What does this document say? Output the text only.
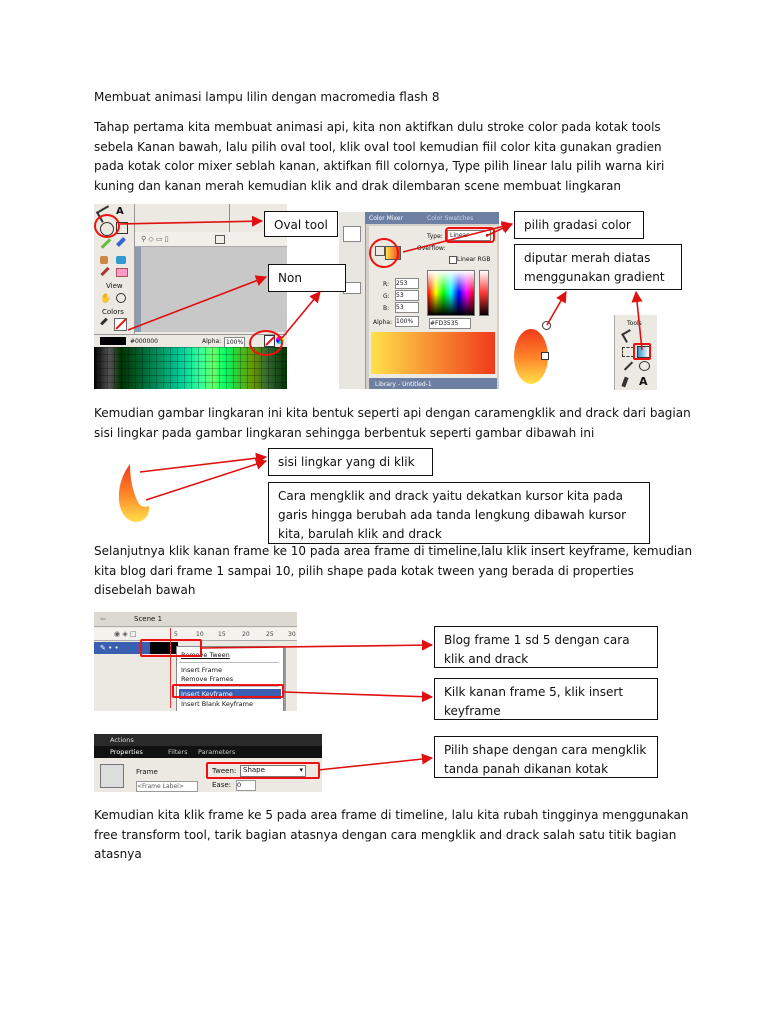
Membuat animasi lampu lilin dengan macromedia flash 8

Tahap pertama kita membuat animasi api, kita non aktifkan dulu stroke color pada kotak tools sebela Kanan bawah, lalu pilih oval tool, klik oval tool kemudian fiil color kita gunakan gradien pada kotak color mixer seblah kanan, aktifkan fill colornya, Type pilih linear lalu pilih warna kiri kuning dan kanan merah kemudian klik and drak dilembaran scene membuat lingkaran

A
View
✋
Colors
⚲ ◇ ▭ ▯
#000000	Alpha: 100%
Color Mixer	Color Swatches
Type:	Linear	▾
Overflow:
Linear RGB
R: 253
G: 53
B: 53
Alpha: 100%	#FD3535
Library - Untitled-1
Tools
A
Oval tool
Non
pilih gradasi color
diputar merah diatas menggunakan gradient

Kemudian gambar lingkaran ini kita bentuk seperti api dengan caramengklik and drack dari bagian sisi lingkar pada gambar lingkaran sehingga berbentuk seperti gambar dibawah ini

sisi lingkar yang di klik
Cara mengklik and drack yaitu dekatkan kursor kita pada garis hingga berubah ada tanda lengkung dibawah kursor kita, barulah klik and drack

Selanjutnya klik kanan frame ke 10 pada area frame di timeline,lalu klik insert keyframe, kemudian kita blog dari frame 1 sampai 10, pilih shape pada kotak tween yang berada di properties disebelah bawah

⇦	Scene 1
◉ ◈ □	5	10 15	20	25 30
✎ • •
Remove Tween
Insert Frame
Remove Frames
Insert Keyframe
Insert Blank Keyframe
Blog frame 1 sd 5 dengan cara klik and drack
Kilk kanan frame 5, klik insert keyframe
Actions
Properties	Filters Parameters
Frame	Tween: Shape	▾
<Frame Label>	Ease: 0
Pilih shape dengan cara mengklik tanda panah dikanan kotak

Kemudian kita klik frame ke 5 pada area frame di timeline, lalu kita rubah tingginya menggunakan free transform tool, tarik bagian atasnya dengan cara mengklik and drack salah satu titik bagian atasnya
